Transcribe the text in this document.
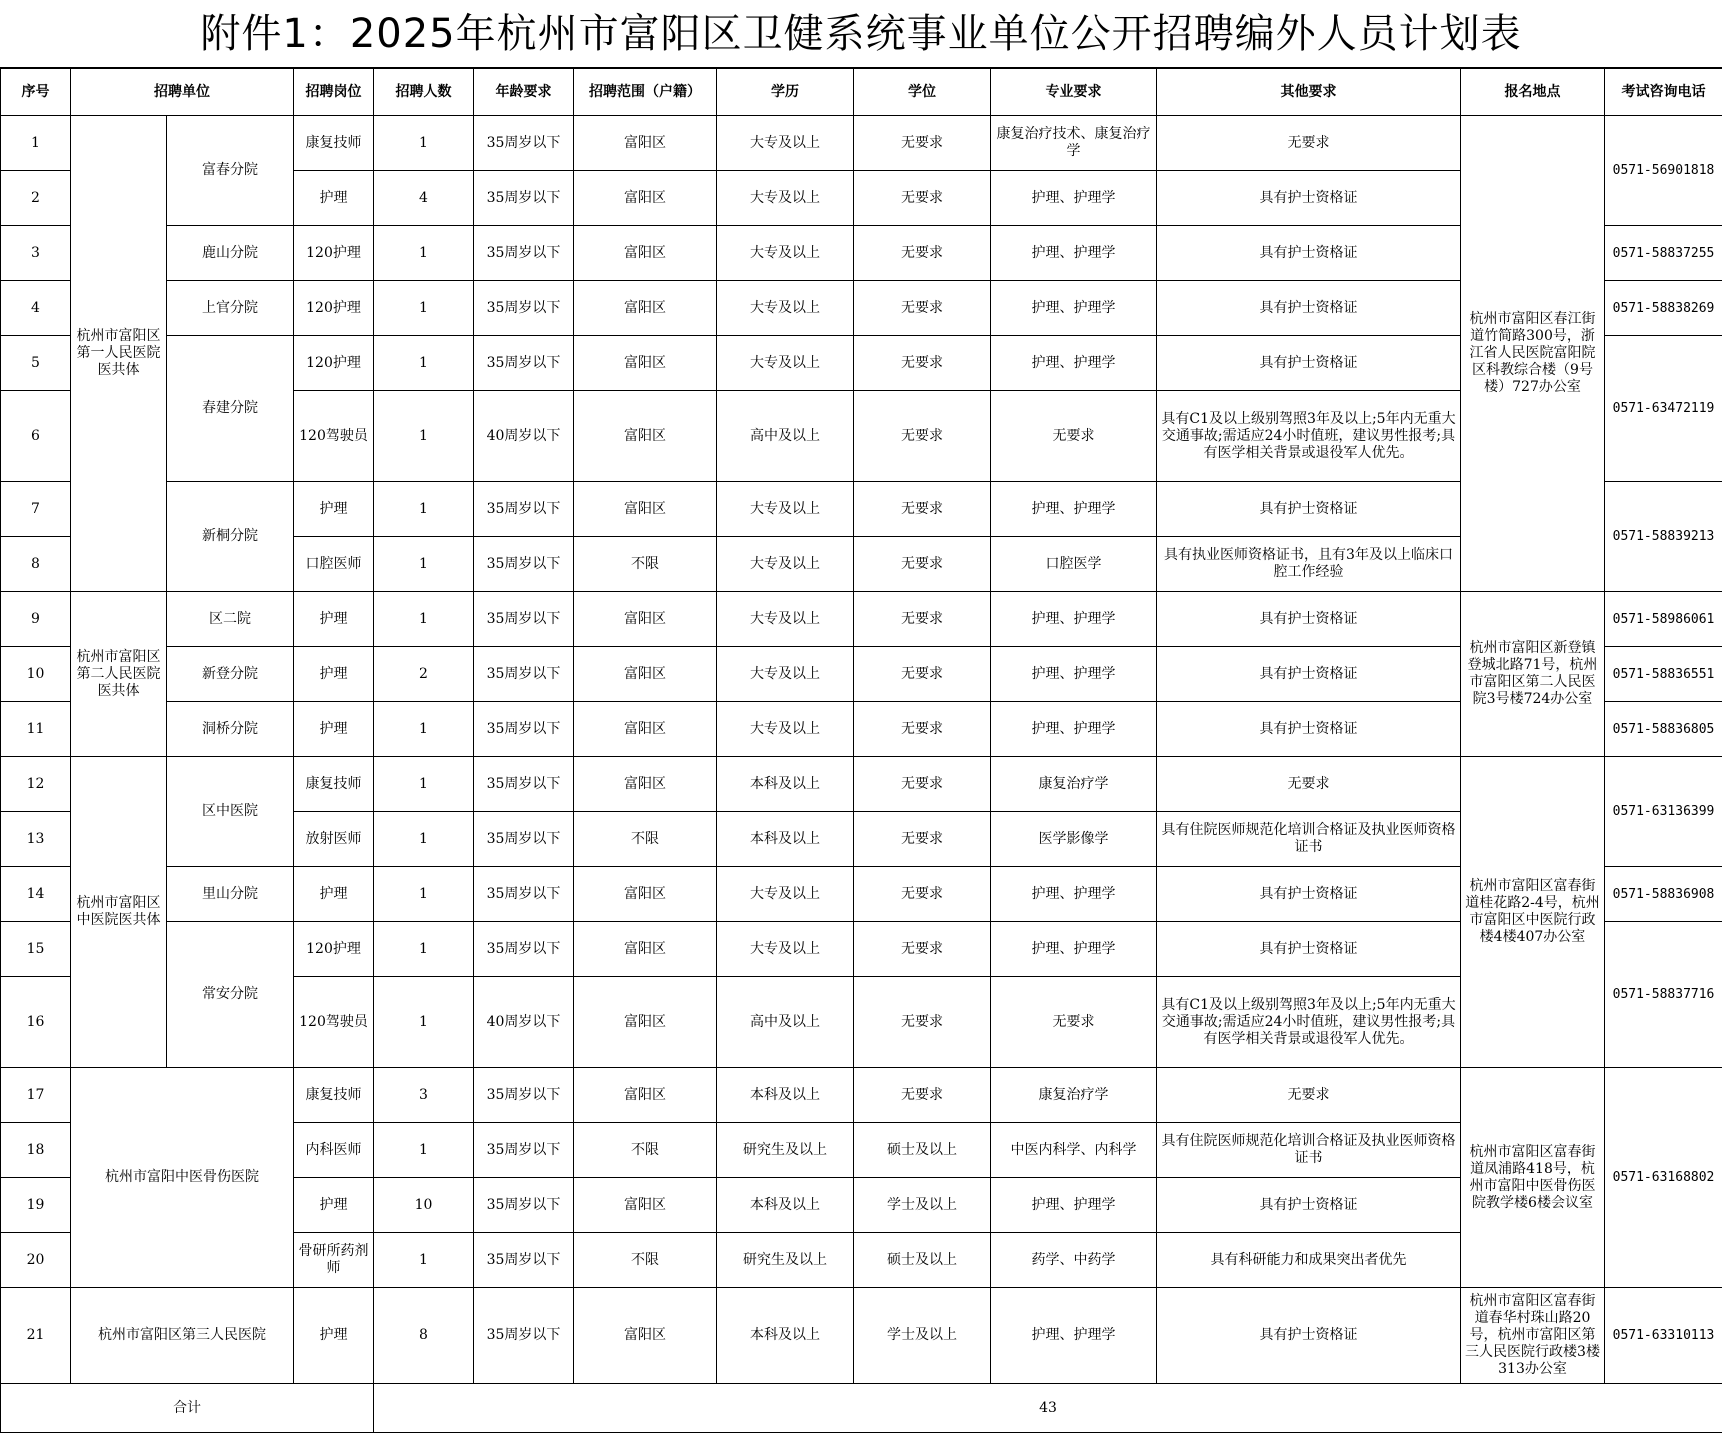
附件1：2025年杭州市富阳区卫健系统事业单位公开招聘编外人员计划表
序号	招聘单位		招聘岗位	招聘人数	年龄要求	招聘范围（户籍）	学历	学位	专业要求	其他要求	报名地点	考试咨询电话
1	杭州市富阳区第一人民医院医共体	富春分院	康复技师	1	35周岁以下	富阳区	大专及以上	无要求	康复治疗技术、康复治疗学	无要求	杭州市富阳区春江街道竹简路300号，浙江省人民医院富阳院区科教综合楼（9号楼）727办公室	0571-56901818
2			护理	4	35周岁以下	富阳区	大专及以上	无要求	护理、护理学	具有护士资格证		
3		鹿山分院	120护理	1	35周岁以下	富阳区	大专及以上	无要求	护理、护理学	具有护士资格证		0571-58837255
4		上官分院	120护理	1	35周岁以下	富阳区	大专及以上	无要求	护理、护理学	具有护士资格证		0571-58838269
5		春建分院	120护理	1	35周岁以下	富阳区	大专及以上	无要求	护理、护理学	具有护士资格证		0571-63472119
6			120驾驶员	1	40周岁以下	富阳区	高中及以上	无要求	无要求	具有C1及以上级别驾照3年及以上;5年内无重大交通事故;需适应24小时值班，建议男性报考;具有医学相关背景或退役军人优先。		
7		新桐分院	护理	1	35周岁以下	富阳区	大专及以上	无要求	护理、护理学	具有护士资格证		0571-58839213
8			口腔医师	1	35周岁以下	不限	大专及以上	无要求	口腔医学	具有执业医师资格证书，且有3年及以上临床口腔工作经验		
9	杭州市富阳区第二人民医院医共体	区二院	护理	1	35周岁以下	富阳区	大专及以上	无要求	护理、护理学	具有护士资格证	杭州市富阳区新登镇登城北路71号，杭州市富阳区第二人民医院3号楼724办公室	0571-58986061
10		新登分院	护理	2	35周岁以下	富阳区	大专及以上	无要求	护理、护理学	具有护士资格证		0571-58836551
11		洞桥分院	护理	1	35周岁以下	富阳区	大专及以上	无要求	护理、护理学	具有护士资格证		0571-58836805
12	杭州市富阳区中医院医共体	区中医院	康复技师	1	35周岁以下	富阳区	本科及以上	无要求	康复治疗学	无要求	杭州市富阳区富春街道桂花路2-4号，杭州市富阳区中医院行政楼4楼407办公室	0571-63136399
13			放射医师	1	35周岁以下	不限	本科及以上	无要求	医学影像学	具有住院医师规范化培训合格证及执业医师资格证书		
14		里山分院	护理	1	35周岁以下	富阳区	大专及以上	无要求	护理、护理学	具有护士资格证		0571-58836908
15		常安分院	120护理	1	35周岁以下	富阳区	大专及以上	无要求	护理、护理学	具有护士资格证		0571-58837716
16			120驾驶员	1	40周岁以下	富阳区	高中及以上	无要求	无要求	具有C1及以上级别驾照3年及以上;5年内无重大交通事故;需适应24小时值班，建议男性报考;具有医学相关背景或退役军人优先。		
17	杭州市富阳中医骨伤医院		康复技师	3	35周岁以下	富阳区	本科及以上	无要求	康复治疗学	无要求	杭州市富阳区富春街道凤浦路418号，杭州市富阳中医骨伤医院教学楼6楼会议室	0571-63168802
18			内科医师	1	35周岁以下	不限	研究生及以上	硕士及以上	中医内科学、内科学	具有住院医师规范化培训合格证及执业医师资格证书		
19			护理	10	35周岁以下	富阳区	本科及以上	学士及以上	护理、护理学	具有护士资格证		
20			骨研所药剂师	1	35周岁以下	不限	研究生及以上	硕士及以上	药学、中药学	具有科研能力和成果突出者优先		
21	杭州市富阳区第三人民医院		护理	8	35周岁以下	富阳区	本科及以上	学士及以上	护理、护理学	具有护士资格证	杭州市富阳区富春街道春华村珠山路20号，杭州市富阳区第三人民医院行政楼3楼313办公室	0571-63310113
合计				43								
